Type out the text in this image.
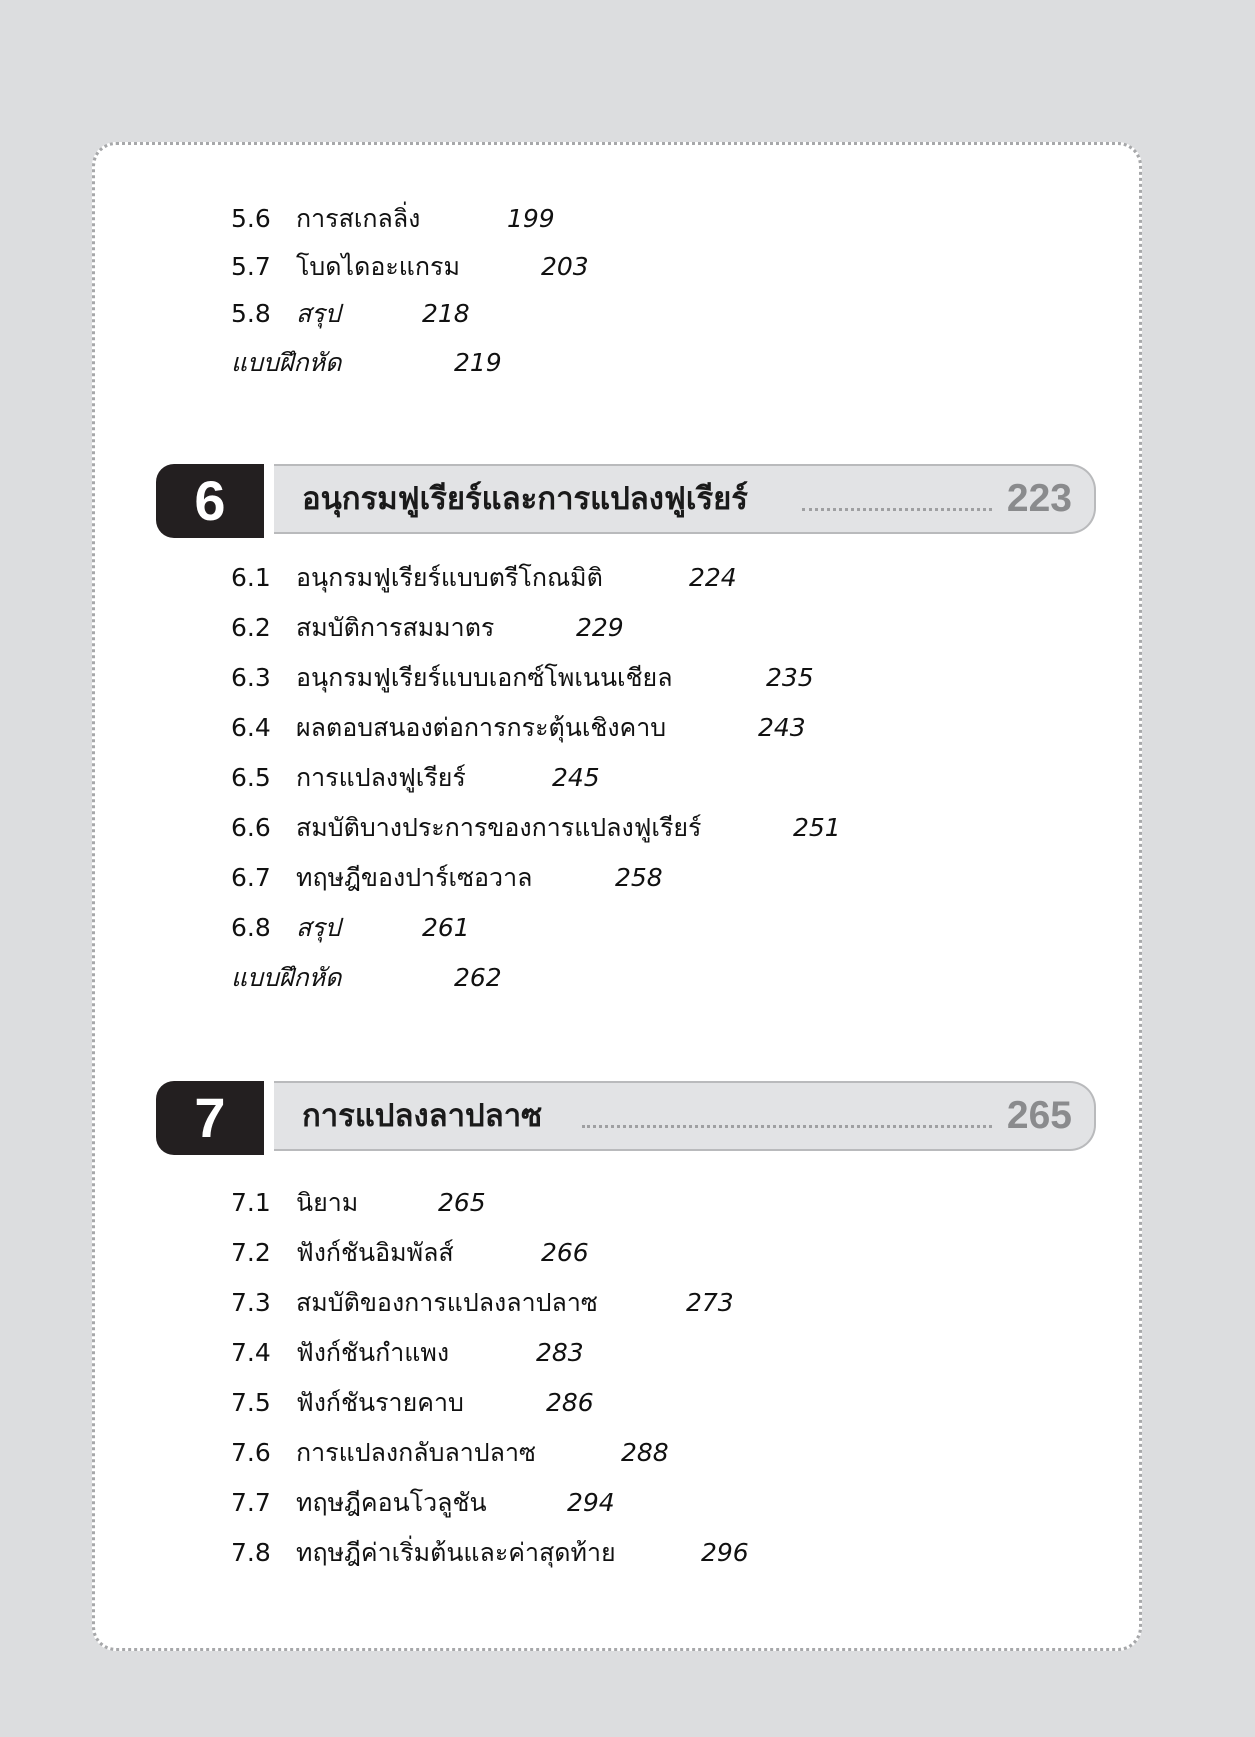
5.6 การสเกลลิ่ง	199
5.7 โบดไดอะแกรม	203
5.8 สรุป	218
แบบฝึกหัด	219
6	อนุกรมฟูเรียร์และการแปลงฟูเรียร์	223
6.1 อนุกรมฟูเรียร์แบบตรีโกณมิติ	224
6.2 สมบัติการสมมาตร	229
6.3 อนุกรมฟูเรียร์แบบเอกซ์โพเนนเชียล	235
6.4 ผลตอบสนองต่อการกระตุ้นเชิงคาบ	243
6.5 การแปลงฟูเรียร์	245
6.6 สมบัติบางประการของการแปลงฟูเรียร์	251
6.7 ทฤษฎีของปาร์เซอวาล	258
6.8 สรุป	261
แบบฝึกหัด	262
7	การแปลงลาปลาซ	265
7.1 นิยาม	265
7.2 ฟังก์ชันอิมพัลส์	266
7.3 สมบัติของการแปลงลาปลาซ	273
7.4 ฟังก์ชันกำแพง	283
7.5 ฟังก์ชันรายคาบ	286
7.6 การแปลงกลับลาปลาซ	288
7.7 ทฤษฎีคอนโวลูชัน	294
7.8 ทฤษฎีค่าเริ่มต้นและค่าสุดท้าย	296
